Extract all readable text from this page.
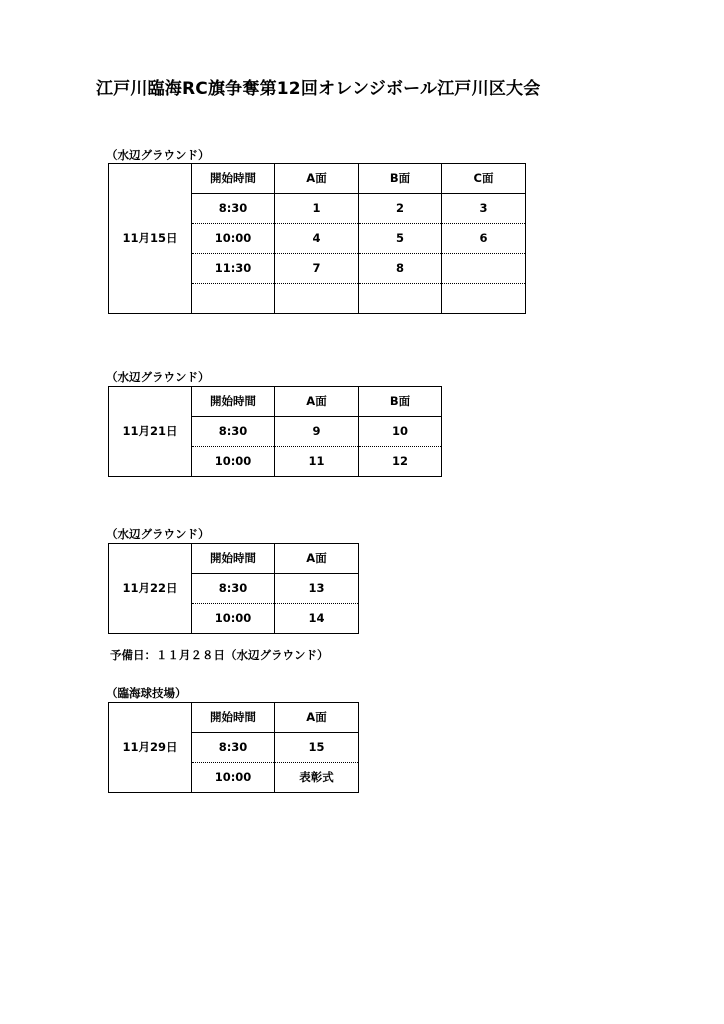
江戸川臨海RC旗争奪第12回オレンジボール江戸川区大会
（水辺グラウンド）
11月15日	開始時間	A面	B面	C面
	8:30	1	2	3
	10:00	4	5	6
	11:30	7	8	

（水辺グラウンド）
11月21日	開始時間	A面	B面
	8:30	9	10
	10:00	11	12
（水辺グラウンド）
11月22日	開始時間	A面
	8:30	13
	10:00	14
予備日：１１月２８日（水辺グラウンド）
（臨海球技場）
11月29日	開始時間	A面
	8:30	15
	10:00	表彰式
